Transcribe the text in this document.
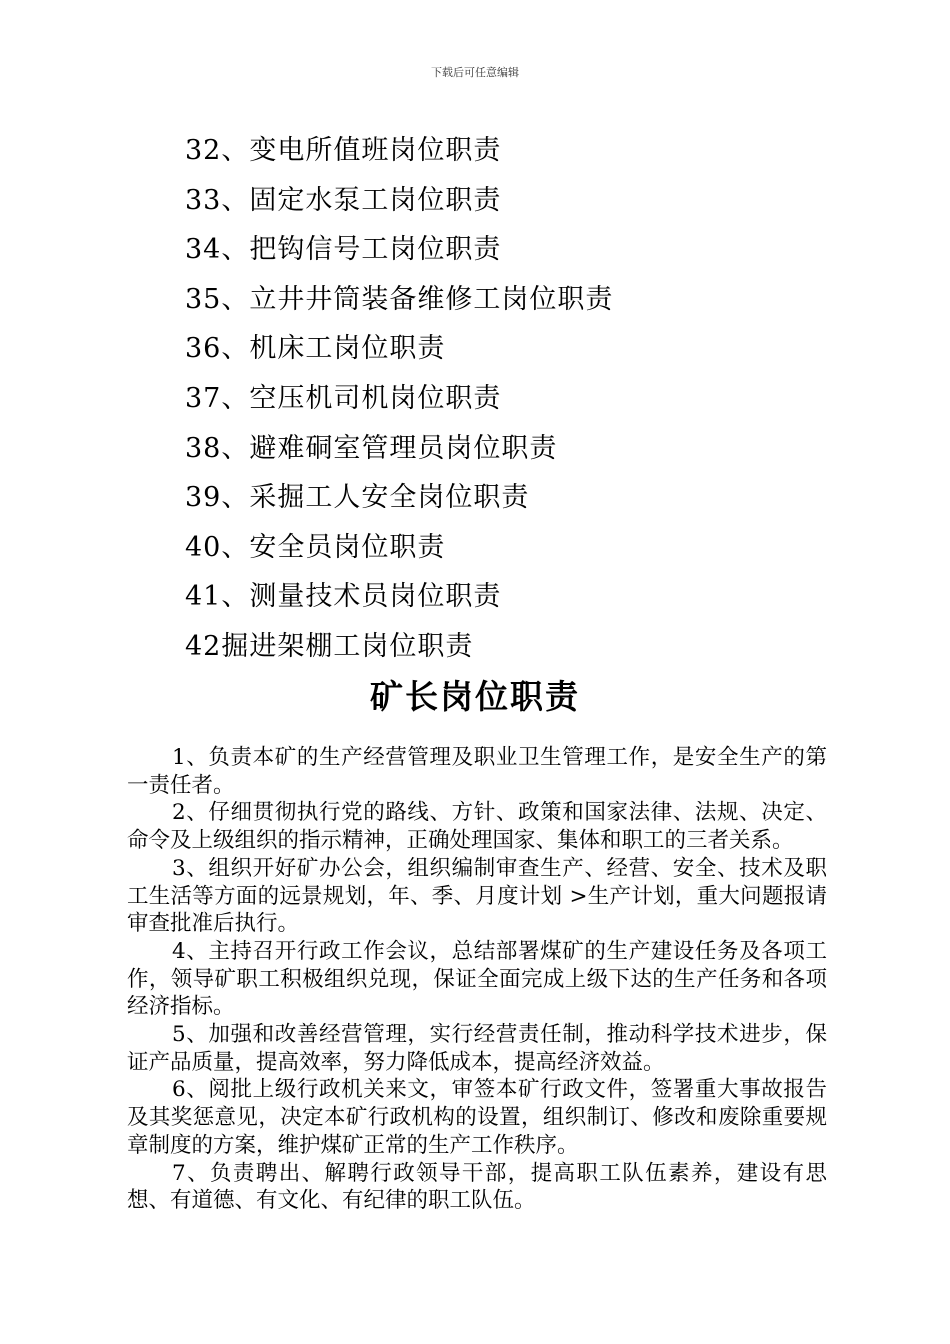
下载后可任意编辑
32、变电所值班岗位职责
33、固定水泵工岗位职责
34、把钩信号工岗位职责
35、立井井筒装备维修工岗位职责
36、机床工岗位职责
37、空压机司机岗位职责
38、避难硐室管理员岗位职责
39、采掘工人安全岗位职责
40、安全员岗位职责
41、测量技术员岗位职责
42掘进架棚工岗位职责
矿长岗位职责

1、负责本矿的生产经营管理及职业卫生管理工作，是安全生产的第一责任者。

2、仔细贯彻执行党的路线、方针、政策和国家法律、法规、决定、命令及上级组织的指示精神，正确处理国家、集体和职工的三者关系。

3、组织开好矿办公会，组织编制审查生产、经营、安全、技术及职工生活等方面的远景规划，年、季、月度计划 >生产计划，重大问题报请审查批准后执行。

4、主持召开行政工作会议，总结部署煤矿的生产建设任务及各项工作，领导矿职工积极组织兑现，保证全面完成上级下达的生产任务和各项经济指标。

5、加强和改善经营管理，实行经营责任制，推动科学技术进步，保证产品质量，提高效率，努力降低成本，提高经济效益。

6、阅批上级行政机关来文，审签本矿行政文件，签署重大事故报告及其奖惩意见，决定本矿行政机构的设置，组织制订、修改和废除重要规章制度的方案，维护煤矿正常的生产工作秩序。

7、负责聘出、解聘行政领导干部，提高职工队伍素养，建设有思想、有道德、有文化、有纪律的职工队伍。
